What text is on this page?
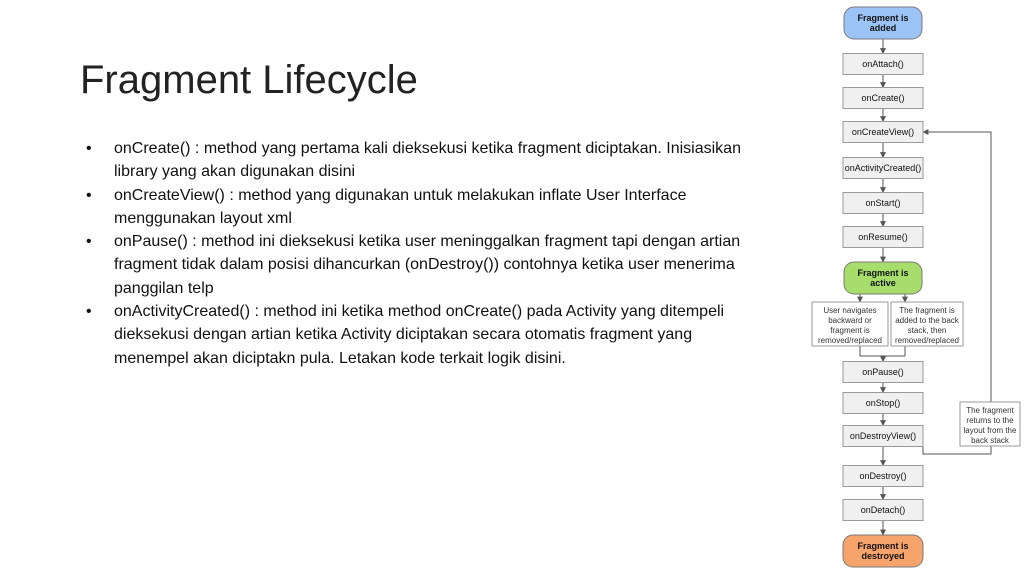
Fragment Lifecycle
• onCreate() : method yang pertama kali dieksekusi ketika fragment diciptakan. Inisiasikan library yang akan digunakan disini
• onCreateView() : method yang digunakan untuk melakukan inflate User Interface menggunakan layout xml
• onPause() : method ini dieksekusi ketika user meninggalkan fragment tapi dengan artian fragment tidak dalam posisi dihancurkan (onDestroy()) contohnya ketika user menerima panggilan telp
• onActivityCreated() : method ini ketika method onCreate() pada Activity yang ditempeli dieksekusi dengan artian ketika Activity diciptakan secara otomatis fragment yang menempel akan diciptakn pula. Letakan kode terkait logik disini.
onAttach()
onCreate()
onCreateView()
onActivityCreated()
onStart()
onResume()
onPause()
onStop()
onDestroyView()
onDestroy()
onDetach()
Fragment is
added
Fragment is
active
Fragment is
destroyed
User navigates
backward or
fragment is
removed/replaced
The fragment is
added to the back
stack, then
removed/replaced
The fragment
returns to the
layout from the
back stack
